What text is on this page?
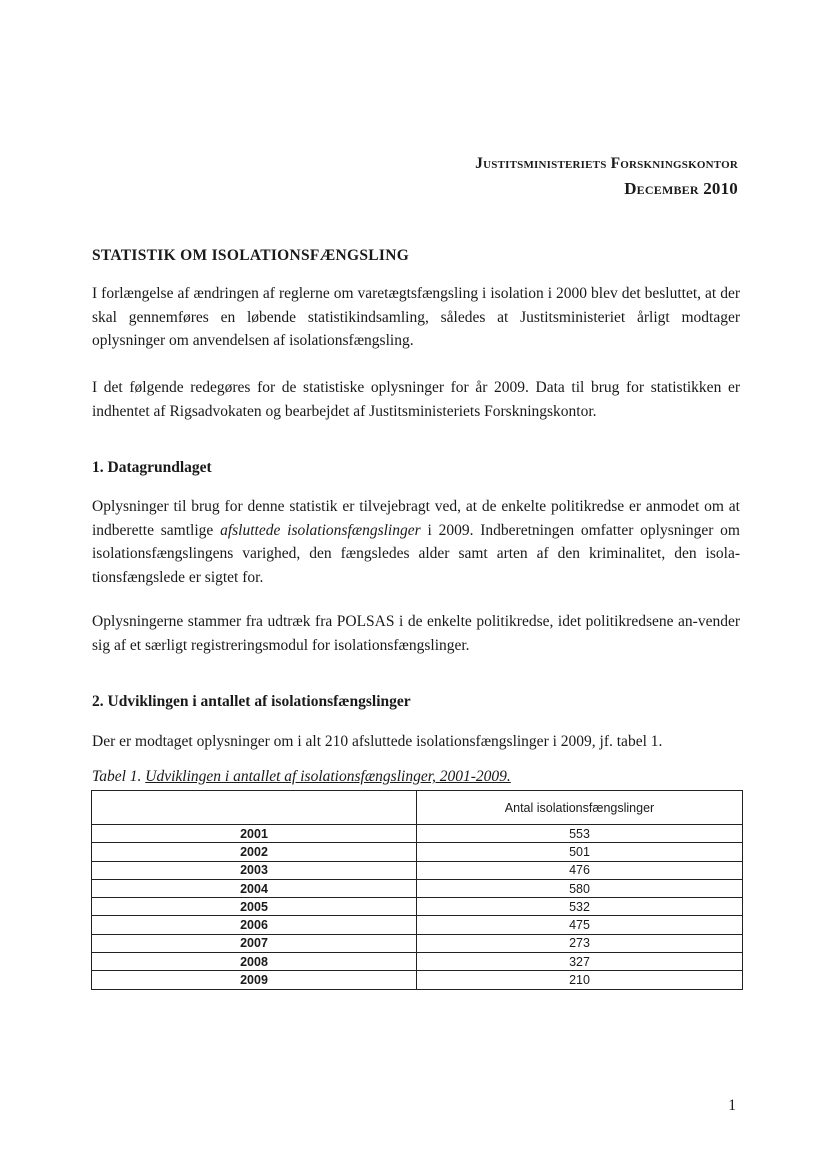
Justitsministeriets Forskningskontor
December 2010
STATISTIK OM ISOLATIONSFÆNGSLING

I forlængelse af ændringen af reglerne om varetægtsfængsling i isolation i 2000 blev det besluttet, at der skal gennemføres en løbende statistikindsamling, således at Justitsministeriet årligt modtager oplysninger om anvendelsen af isolationsfængsling.

I det følgende redegøres for de statistiske oplysninger for år 2009. Data til brug for statistikken er indhentet af Rigsadvokaten og bearbejdet af Justitsministeriets Forskningskontor.

1. Datagrundlaget

Oplysninger til brug for denne statistik er tilvejebragt ved, at de enkelte politikredse er anmodet om at indberette samtlige afsluttede isolationsfængslinger i 2009. Indberetningen omfatter oplysninger om isolationsfængslingens varighed, den fængsledes alder samt arten af den kriminalitet, den isola-tionsfængslede er sigtet for.

Oplysningerne stammer fra udtræk fra POLSAS i de enkelte politikredse, idet politikredsene an-vender sig af et særligt registreringsmodul for isolationsfængslinger.

2. Udviklingen i antallet af isolationsfængslinger

Der er modtaget oplysninger om i alt 210 afsluttede isolationsfængslinger i 2009, jf. tabel 1.

Tabel 1. Udviklingen i antallet af isolationsfængslinger, 2001-2009.
	Antal isolationsfængslinger
2001	553
2002	501
2003	476
2004	580
2005	532
2006	475
2007	273
2008	327
2009	210
1
